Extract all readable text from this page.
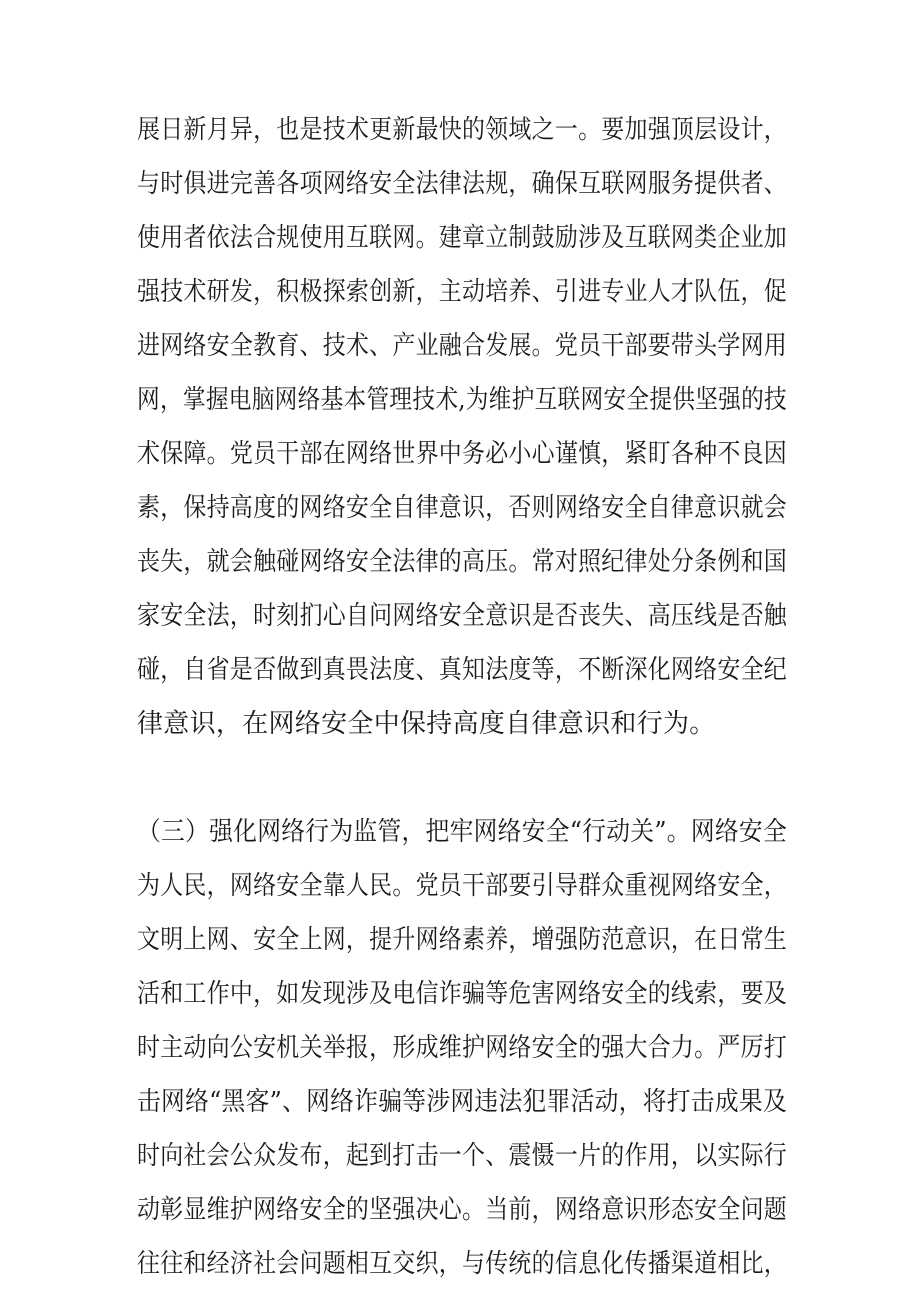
展日新月异，也是技术更新最快的领域之一。要加强顶层设计，
与时俱进完善各项网络安全法律法规，确保互联网服务提供者、
使用者依法合规使用互联网。建章立制鼓励涉及互联网类企业加
强技术研发，积极探索创新，主动培养、引进专业人才队伍，促
进网络安全教育、技术、产业融合发展。党员干部要带头学网用
网，掌握电脑网络基本管理技术,为维护互联网安全提供坚强的技
术保障。党员干部在网络世界中务必小心谨慎，紧盯各种不良因
素，保持高度的网络安全自律意识，否则网络安全自律意识就会
丧失，就会触碰网络安全法律的高压。常对照纪律处分条例和国
家安全法，时刻扪心自问网络安全意识是否丧失、高压线是否触
碰，自省是否做到真畏法度、真知法度等，不断深化网络安全纪
律意识，在网络安全中保持高度自律意识和行为。
（三）强化网络行为监管，把牢网络安全“行动关”。网络安全
为人民，网络安全靠人民。党员干部要引导群众重视网络安全，
文明上网、安全上网，提升网络素养，增强防范意识，在日常生
活和工作中，如发现涉及电信诈骗等危害网络安全的线索，要及
时主动向公安机关举报，形成维护网络安全的强大合力。严厉打
击网络“黑客”、网络诈骗等涉网违法犯罪活动，将打击成果及
时向社会公众发布，起到打击一个、震慑一片的作用，以实际行
动彰显维护网络安全的坚强决心。当前，网络意识形态安全问题
往往和经济社会问题相互交织，与传统的信息化传播渠道相比，
